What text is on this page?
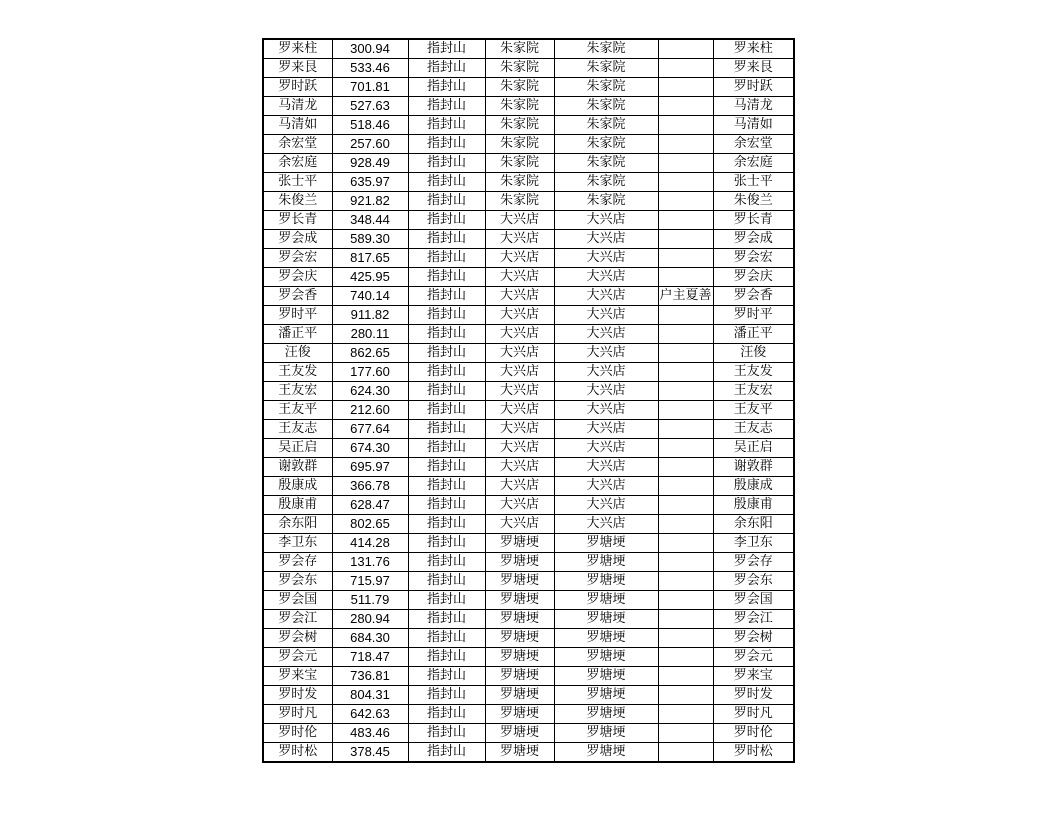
罗来柱	300.94	指封山	朱家院	朱家院		罗来柱
罗来艮	533.46	指封山	朱家院	朱家院		罗来艮
罗时跃	701.81	指封山	朱家院	朱家院		罗时跃
马清龙	527.63	指封山	朱家院	朱家院		马清龙
马清如	518.46	指封山	朱家院	朱家院		马清如
余宏堂	257.60	指封山	朱家院	朱家院		余宏堂
余宏庭	928.49	指封山	朱家院	朱家院		余宏庭
张士平	635.97	指封山	朱家院	朱家院		张士平
朱俊兰	921.82	指封山	朱家院	朱家院		朱俊兰
罗长青	348.44	指封山	大兴店	大兴店		罗长青
罗会成	589.30	指封山	大兴店	大兴店		罗会成
罗会宏	817.65	指封山	大兴店	大兴店		罗会宏
罗会庆	425.95	指封山	大兴店	大兴店		罗会庆
罗会香	740.14	指封山	大兴店	大兴店	户主夏善	罗会香
罗时平	911.82	指封山	大兴店	大兴店		罗时平
潘正平	280.11	指封山	大兴店	大兴店		潘正平
汪俊	862.65	指封山	大兴店	大兴店		汪俊
王友发	177.60	指封山	大兴店	大兴店		王友发
王友宏	624.30	指封山	大兴店	大兴店		王友宏
王友平	212.60	指封山	大兴店	大兴店		王友平
王友志	677.64	指封山	大兴店	大兴店		王友志
吴正启	674.30	指封山	大兴店	大兴店		吴正启
谢敦群	695.97	指封山	大兴店	大兴店		谢敦群
殷康成	366.78	指封山	大兴店	大兴店		殷康成
殷康甫	628.47	指封山	大兴店	大兴店		殷康甫
余东阳	802.65	指封山	大兴店	大兴店		余东阳
李卫东	414.28	指封山	罗塘埂	罗塘埂		李卫东
罗会存	131.76	指封山	罗塘埂	罗塘埂		罗会存
罗会东	715.97	指封山	罗塘埂	罗塘埂		罗会东
罗会国	511.79	指封山	罗塘埂	罗塘埂		罗会国
罗会江	280.94	指封山	罗塘埂	罗塘埂		罗会江
罗会树	684.30	指封山	罗塘埂	罗塘埂		罗会树
罗会元	718.47	指封山	罗塘埂	罗塘埂		罗会元
罗来宝	736.81	指封山	罗塘埂	罗塘埂		罗来宝
罗时发	804.31	指封山	罗塘埂	罗塘埂		罗时发
罗时凡	642.63	指封山	罗塘埂	罗塘埂		罗时凡
罗时伦	483.46	指封山	罗塘埂	罗塘埂		罗时伦
罗时松	378.45	指封山	罗塘埂	罗塘埂		罗时松
